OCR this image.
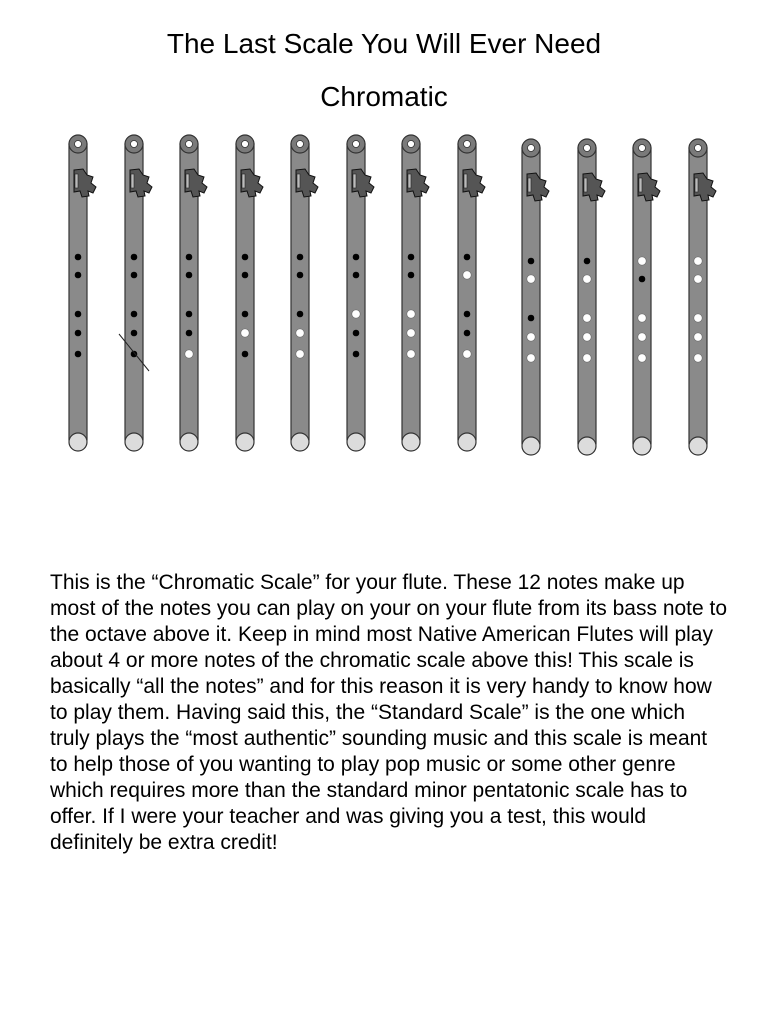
The Last Scale You Will Ever Need
Chromatic

This is the “Chromatic Scale” for your flute. These 12 notes make up most of the notes you can play on your on your flute from its bass note to the octave above it. Keep in mind most Native American Flutes will play about 4 or more notes of the chromatic scale above this! This scale is basically “all the notes” and for this reason it is very handy to know how to play them. Having said this, the “Standard Scale” is the one which truly plays the “most authentic” sounding music and this scale is meant to help those of you wanting to play pop music or some other genre which requires more than the standard minor pentatonic scale has to offer. If I were your teacher and was giving you a test, this would definitely be extra credit!
